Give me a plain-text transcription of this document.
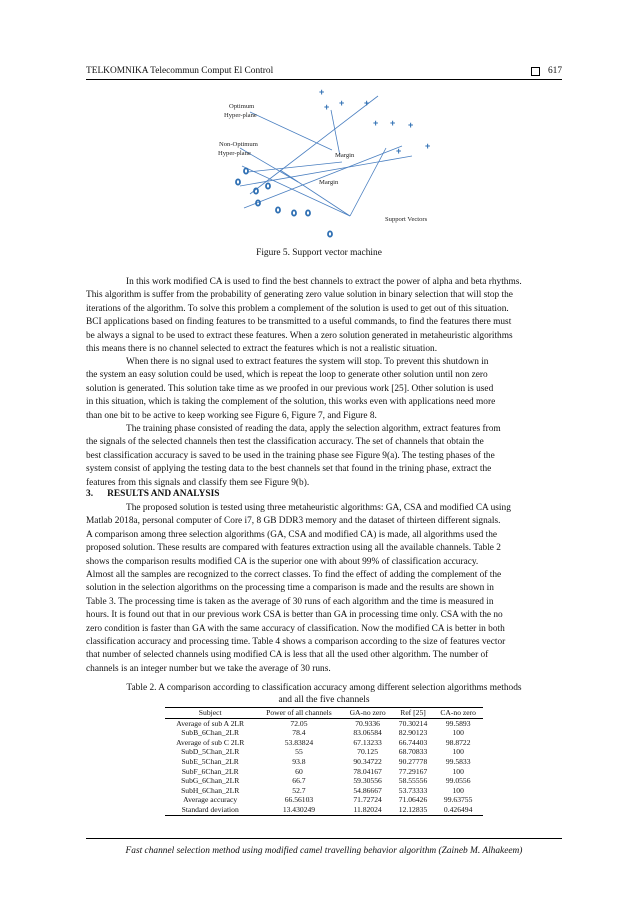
TELKOMNIKA Telecommun Comput El Control	617
+
+ + +
+ + +
+	+
Optimum
Hyper-plane
Non-Optimum
Hyper-plane	Margin
Margin
Support Vectors
Figure 5. Support vector machine
In this work modified CA is used to find the best channels to extract the power of alpha and beta rhythms.
This algorithm is suffer from the probability of generating zero value solution in binary selection that will stop the
iterations of the algorithm. To solve this problem a complement of the solution is used to get out of this situation.
BCI applications based on finding features to be transmitted to a useful commands, to find the features there must
be always a signal to be used to extract these features. When a zero solution generated in metaheuristic algorithms
this means there is no channel selected to extract the features which is not a realistic situation.
When there is no signal used to extract features the system will stop. To prevent this shutdown in
the system an easy solution could be used, which is repeat the loop to generate other solution until non zero
solution is generated. This solution take time as we proofed in our previous work [25]. Other solution is used
in this situation, which is taking the complement of the solution, this works even with applications need more
than one bit to be active to keep working see Figure 6, Figure 7, and Figure 8.
The training phase consisted of reading the data, apply the selection algorithm, extract features from
the signals of the selected channels then test the classification accuracy. The set of channels that obtain the
best classification accuracy is saved to be used in the training phase see Figure 9(a). The testing phases of the
system consist of applying the testing data to the best channels set that found in the trining phase, extract the
features from this signals and classify them see Figure 9(b).
3.      RESULTS AND ANALYSIS
The proposed solution is tested using three metaheuristic algorithms: GA, CSA and modified CA using
Matlab 2018a, personal computer of Core i7, 8 GB DDR3 memory and the dataset of thirteen different signals.
A comparison among three selection algorithms (GA, CSA and modified CA) is made, all algorithms used the
proposed solution. These results are compared with features extraction using all the available channels. Table 2
shows the comparison results modified CA is the superior one with about 99% of classification accuracy.
Almost all the samples are recognized to the correct classes. To find the effect of adding the complement of the
solution in the selection algorithms on the processing time a comparison is made and the results are shown in
Table 3. The processing time is taken as the average of 30 runs of each algorithm and the time is measured in
hours. It is found out that in our previous work CSA is better than GA in processing time only. CSA with the no
zero condition is faster than GA with the same accuracy of classification. Now the modified CA is better in both
classification accuracy and processing time. Table 4 shows a comparison according to the size of features vector
that number of selected channels using modified CA is less that all the used other algorithm. The number of
channels is an integer number but we take the average of 30 runs.
Table 2. A comparison according to classification accuracy among different selection algorithms methods
and all the five channels
Subject	Power of all channels	GA-no zero	Ref [25]	CA-no zero
Average of sub A 2LR	72.05	70.9336	70.30214	99.5893
SubB_6Chan_2LR	78.4	83.06584	82.90123	100
Average of sub C 2LR	53.83824	67.13233	66.74403	98.8722
SubD_5Chan_2LR	55	70.125	68.70833	100
SubE_5Chan_2LR	93.8	90.34722	90.27778	99.5833
SubF_6Chan_2LR	60	78.04167	77.29167	100
SubG_6Chan_2LR	66.7	59.30556	58.55556	99.0556
SubH_6Chan_2LR	52.7	54.86667	53.73333	100
Average accuracy	66.56103	71.72724	71.06426	99.63755
Standard deviation	13.430249	11.82024	12.12835	0.426494
Fast channel selection method using modified camel travelling behavior algorithm (Zaineb M. Alhakeem)
